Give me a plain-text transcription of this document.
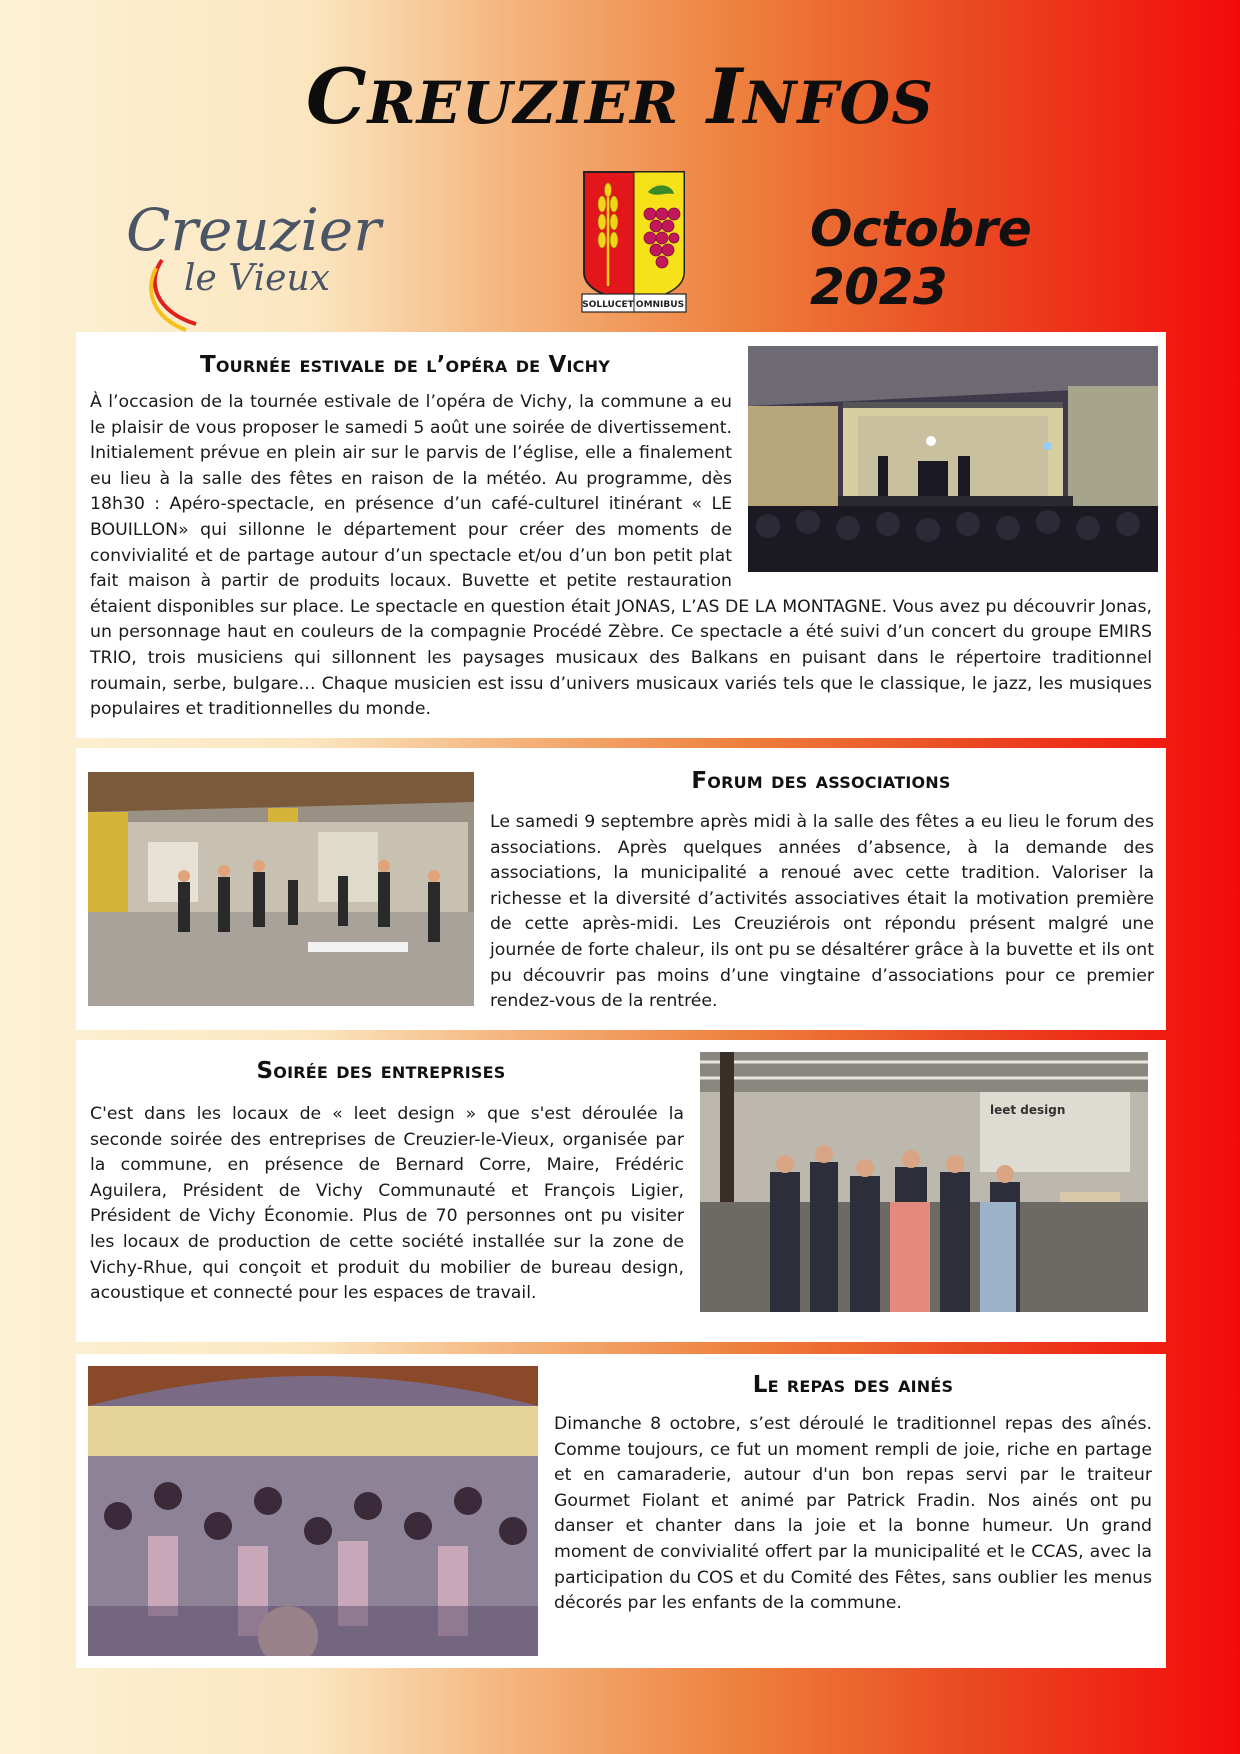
CREUZIER INFOS
Creuzier
le Vieux
SOLLUCET OMNIBUS
Octobre 2023
Tournée estivale de l’opéra de Vichy

À l’occasion de la tournée estivale de l’opéra de Vichy, la commune a eu le plaisir de vous proposer le samedi 5 août une soirée de divertissement. Initialement prévue en plein air sur le parvis de l’église, elle a finalement eu lieu à la salle des fêtes en raison de la météo. Au programme, dès 18h30 : Apéro-spectacle, en présence d’un café-culturel itinérant « LE BOUILLON» qui sillonne le département pour créer des moments de convivialité et de partage autour d’un spectacle et/ou d’un bon petit plat fait maison à partir de produits locaux. Buvette et petite restauration étaient disponibles sur place. Le spectacle en question était JONAS, L’AS DE LA MONTAGNE. Vous avez pu découvrir Jonas, un personnage haut en couleurs de la compagnie Procédé Zèbre. Ce spectacle a été suivi d’un concert du groupe EMIRS TRIO, trois musiciens qui sillonnent les paysages musicaux des Balkans en puisant dans le répertoire traditionnel roumain, serbe, bulgare… Chaque musicien est issu d’univers musicaux variés tels que le classique, le jazz, les musiques populaires et traditionnelles du monde.

Forum des associations

Le samedi 9 septembre après midi à la salle des fêtes a eu lieu le forum des associations. Après quelques années d’absence, à la demande des associations, la municipalité a renoué avec cette tradition. Valoriser la richesse et la diversité d’activités associatives était la motivation première de cette après-midi. Les Creuziérois ont répondu présent malgré une journée de forte chaleur, ils ont pu se désaltérer grâce à la buvette et ils ont pu découvrir pas moins d’une vingtaine d’associations pour ce premier rendez-vous de la rentrée.

Soirée des entreprises

C'est dans les locaux de « leet design » que s'est déroulée la seconde soirée des entreprises de Creuzier-le-Vieux, organisée par la commune, en présence de Bernard Corre, Maire, Frédéric Aguilera, Président de Vichy Communauté et François Ligier, Président de Vichy Économie. Plus de 70 personnes ont pu visiter les locaux de production de cette société installée sur la zone de Vichy-Rhue, qui conçoit et produit du mobilier de bureau design, acoustique et connecté pour les espaces de travail.

leet design
Le repas des ainés

Dimanche 8 octobre, s’est déroulé le traditionnel repas des aînés. Comme toujours, ce fut un moment rempli de joie, riche en partage et en camaraderie, autour d'un bon repas servi par le traiteur Gourmet Fiolant et animé par Patrick Fradin. Nos ainés ont pu danser et chanter dans la joie et la bonne humeur. Un grand moment de convivialité offert par la municipalité et le CCAS, avec la participation du COS et du Comité des Fêtes, sans oublier les menus décorés par les enfants de la commune.
